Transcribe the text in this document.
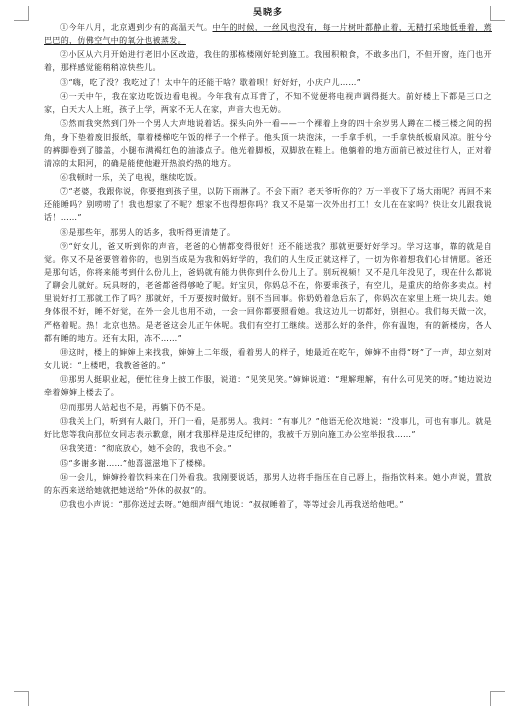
吴晓多

①今年八月，北京遇到少有的高温天气。中午的时候，一丝风也没有，每一片树叶都静止着，无精打采地低垂着，蔫巴巴的，仿佛空气中的氧分也被蒸发。

②小区从六月开始进行老旧小区改造，我住的那栋楼刚好轮到施工。我囤积粮食，不敢多出门，不但开窗，连门也开着，那样感觉能稍稍凉快些儿。

③“嗨，吃了没？我吃过了！太中午的还能干啥？歇着呗！好好好，小庆户儿……”

④一天中午，我在家边吃饭边看电视。今年我有点耳背了，不知不觉便将电视声调得挺大。前好楼上下都是三口之家，白天大人上班，孩子上学，两家不无人在家，声音大也无妨。

⑤然而我突然到门外一个男人大声地说着话。探头向外一看——一个裸着上身的四十余岁男人蹲在二楼三楼之间的拐角，身下垫着废旧报纸，靠着楼梯吃午饭的样子一个样子。他头顶一块泡沫，一手拿手机，一手拿快纸板扇风凉。脏兮兮的裤脚卷到了膝盖，小腿布满褐红色的油漆点子。他光着脚板，双脚放在鞋上。他躺着的地方面前已被过往行人，正对着清凉的太阳河，的确是能使他避开热浪灼热的地方。

⑥我顿时一乐，关了电视，继续吃饭。

⑦“老婆，我跟你说，你要抱到孩子里，以防下雨淋了。不会下雨？老天爷听你的？万一半夜下了场大雨呢？再回不来还能睡吗？别唠唠了！我也想家了不呢？想家不也得想你吗？我又不是第一次外出打工！女儿在在家吗？快让女儿跟我说话！……”

⑧是那些年，那男人的话多，我听得更清楚了。

⑨“好女儿，爸又听到你的声音，老爸的心情都变得很好！还不能送我？那就更要好好学习。学习这事，靠的就是自觉。你又不是爸要管着你的，也别当成是为我和妈好学的，我们的人生反正就这样了，一切为你着想我们心甘情愿。爸还是那句话，你将来能考到什么份儿上，爸妈就有能力供你到什么份儿上了。别玩视频！又不是几年没见了，现在什么都说了聊会儿就好。玩具呀的，老爸都爸得够呛了呢。好宝贝，你妈总不在，你要乖孩子，有空儿，是重庆的给你多卖点。村里说好打工那就工作了吗？那就好，千万要按时做好。别不当回事。你奶奶着急后东了，你妈次在家里上班一块儿去。她身体很不好，睡不好觉，在外一会儿也用不动，一会一回你都要照看她。我这边儿一切都好，别担心。我们每天做一次，严格着呢。热！北京也热。是老爸这会儿正午休呢。我们有空打工继续。送那么好的条件，你有温饱，有的新楼房，各人都有睡的地方。还有太阳，冻不……”

⑩这时，楼上的婶婶上来找我，婶婶上二年级，看着男人的样子，她最近在吃午，婶婶不由得“呀”了一声，却立刻对女儿说：“上楼吧，我教爸爸的。”

⑪那男人挺职业起，便忙往身上披工作服，说道：“见笑见笑。”婶婶说道：“理解理解，有什么可见笑的呀。”她边说边牵着婶婶上楼去了。

⑫而那男人站起也不是，再躺下仍不是。

⑬我关上门，听到有人敲门，开门一看，是那男人。我问：“有事儿？”他语无伦次地说：“没事儿，可也有事儿。就是好比您等我向那位女同志表示歉意，刚才我那样是违反纪律的，我被千万别向施工办公室举报我……”

⑭我笑道：“彻底放心，她不会的，我也不会。”

⑮“多谢多谢……”他喜滋滋地下了楼梯。

⑯一会儿，婶婶拎着饮料来在门外看我。我刚要说话，那男人边将手指压在自己唇上，指指饮料来。她小声说，置放的东西来送给她就把她送给“外休的叔叔”的。

⑰我也小声说：“那你送过去呀。”她细声细气地说：“叔叔睡着了，等等过会儿再我送给他吧。”
